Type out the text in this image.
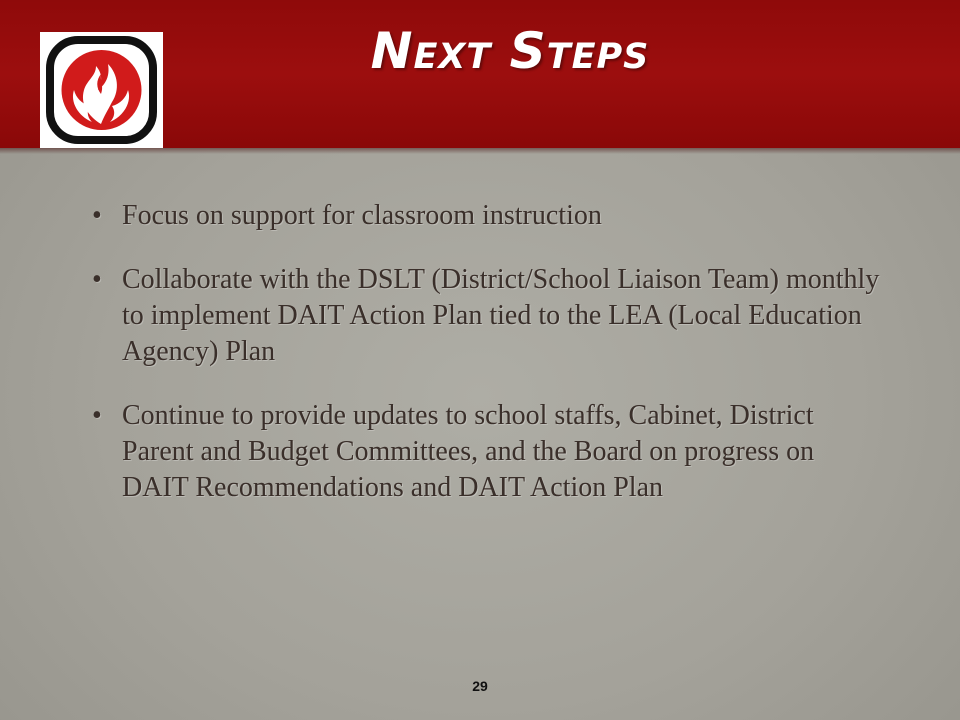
Next Steps
• Focus on support for classroom instruction
• Collaborate with the DSLT (District/School Liaison Team) monthly to implement DAIT Action Plan tied to the LEA (Local Education Agency) Plan
• Continue to provide updates to school staffs, Cabinet, District Parent and Budget Committees, and the Board on progress on DAIT Recommendations and DAIT Action Plan
29
